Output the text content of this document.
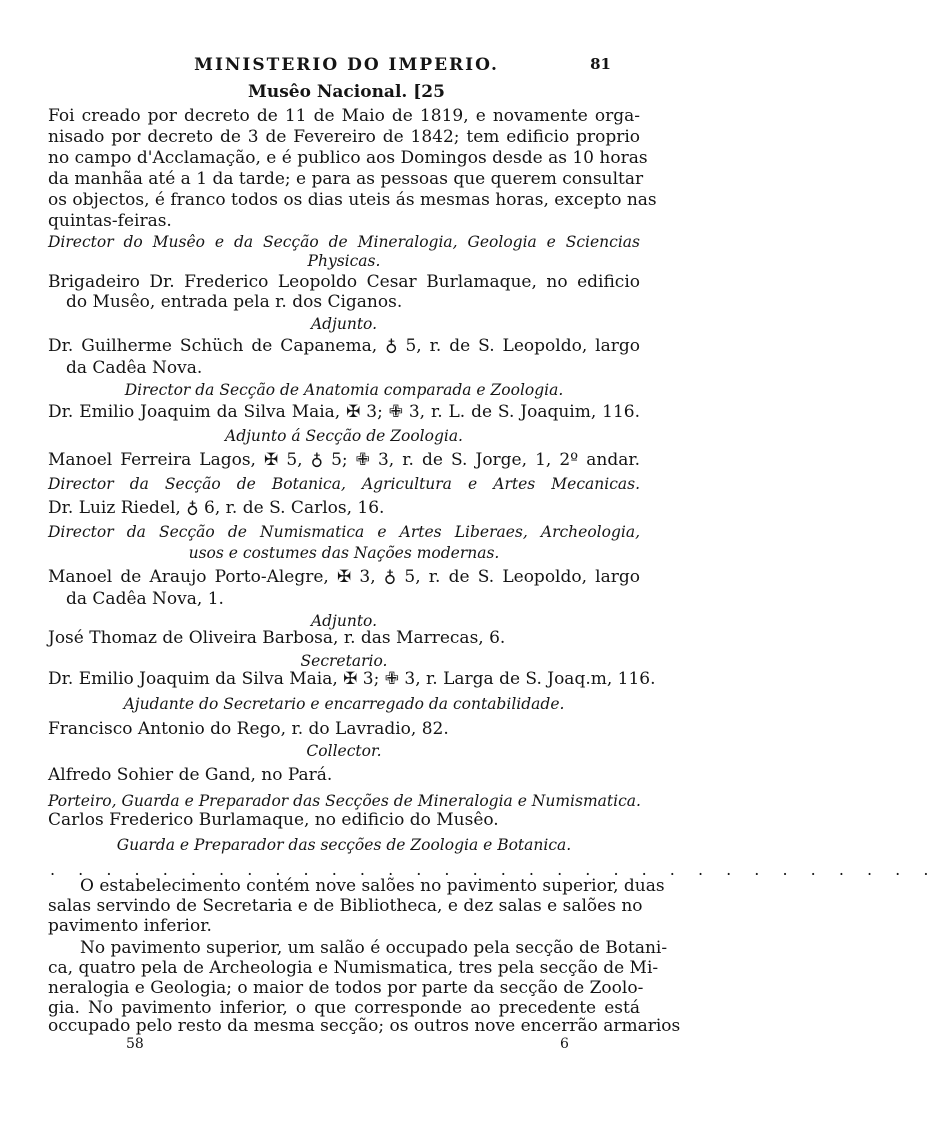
MINISTERIO DO IMPERIO.	81
Musêo Nacional. [25
Foi creado por decreto de 11 de Maio de 1819, e novamente orga-
nisado por decreto de 3 de Fevereiro de 1842; tem edificio proprio
no campo d'Acclamação, e é publico aos Domingos desde as 10 horas
da manhãa até a 1 da tarde; e para as pessoas que querem consultar
os objectos, é franco todos os dias uteis ás mesmas horas, excepto nas
quintas-feiras.
Director do Musêo e da Secção de Mineralogia, Geologia e Sciencias
Physicas.
Brigadeiro Dr. Frederico Leopoldo Cesar Burlamaque, no edificio
do Musêo, entrada pela r. dos Ciganos.
Adjunto.
Dr. Guilherme Schüch de Capanema, ♁ 5, r. de S. Leopoldo, largo
da Cadêa Nova.
Director da Secção de Anatomia comparada e Zoologia.
Dr. Emilio Joaquim da Silva Maia, ✠ 3; ✙ 3, r. L. de S. Joaquim, 116.
Adjunto á Secção de Zoologia.
Manoel Ferreira Lagos, ✠ 5, ♁ 5; ✙ 3, r. de S. Jorge, 1, 2º andar.
Director da Secção de Botanica, Agricultura e Artes Mecanicas.
Dr. Luiz Riedel, ♁ 6, r. de S. Carlos, 16.
Director da Secção de Numismatica e Artes Liberaes, Archeologia,
usos e costumes das Nações modernas.
Manoel de Araujo Porto-Alegre, ✠ 3, ♁ 5, r. de S. Leopoldo, largo
da Cadêa Nova, 1.
Adjunto.
José Thomaz de Oliveira Barbosa, r. das Marrecas, 6.
Secretario.
Dr. Emilio Joaquim da Silva Maia, ✠ 3; ✙ 3, r. Larga de S. Joaq.m, 116.
Ajudante do Secretario e encarregado da contabilidade.
Francisco Antonio do Rego, r. do Lavradio, 82.
Collector.
Alfredo Sohier de Gand, no Pará.
Porteiro, Guarda e Preparador das Secções de Mineralogia e Numismatica.
Carlos Frederico Burlamaque, no edificio do Musêo.
Guarda e Preparador das secções de Zoologia e Botanica.
. . . . . . . . . . . . . . . . . . . . . . . . . . . . . . . .
O estabelecimento contém nove salões no pavimento superior, duas
salas servindo de Secretaria e de Bibliotheca, e dez salas e salões no
pavimento inferior.
No pavimento superior, um salão é occupado pela secção de Botani-
ca, quatro pela de Archeologia e Numismatica, tres pela secção de Mi-
neralogia e Geologia; o maior de todos por parte da secção de Zoolo-
gia. No pavimento inferior, o que corresponde ao precedente está
occupado pelo resto da mesma secção; os outros nove encerrão armarios
58	6
